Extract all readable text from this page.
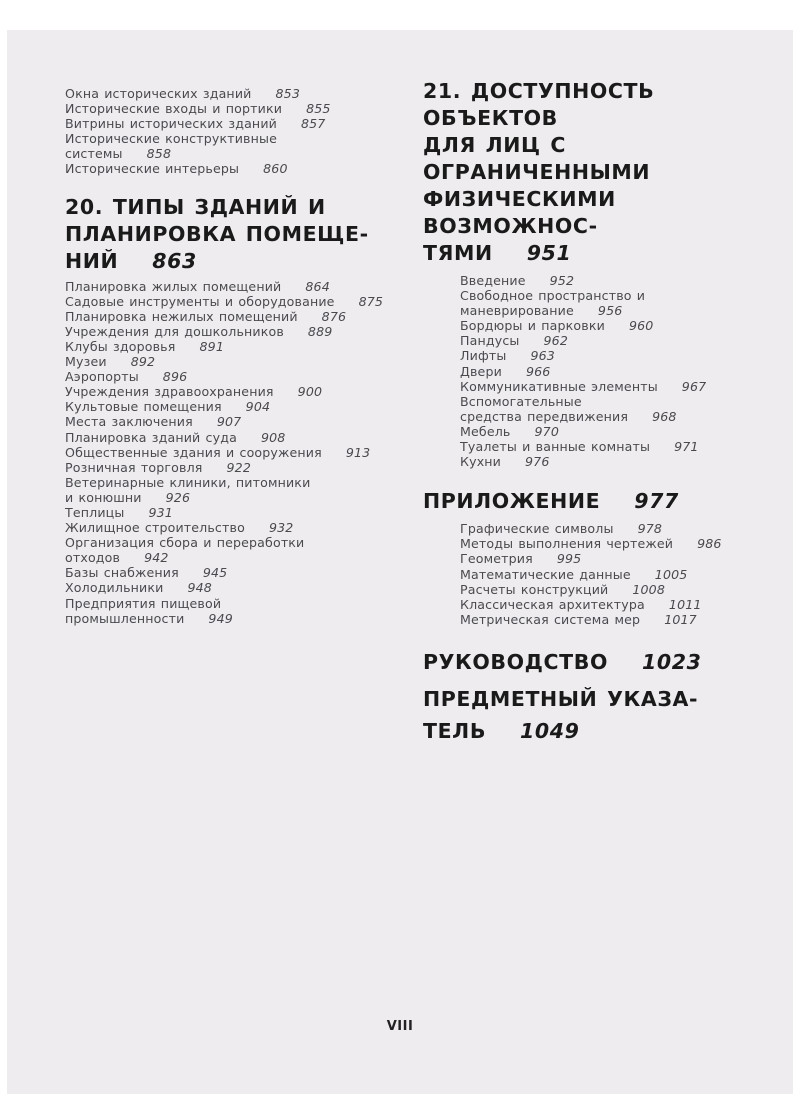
Окна исторических зданий 853
Исторические входы и портики 855
Витрины исторических зданий 857
Исторические конструктивные
системы 858
Исторические интерьеры 860
20. ТИПЫ ЗДАНИЙ И
ПЛАНИРОВКА ПОМЕЩЕ-
НИЙ 863
Планировка жилых помещений 864
Садовые инструменты и оборудование 875
Планировка нежилых помещений 876
Учреждения для дошкольников 889
Клубы здоровья 891
Музеи 892
Аэропорты 896
Учреждения здравоохранения 900
Культовые помещения 904
Места заключения 907
Планировка зданий суда 908
Общественные здания и сооружения 913
Розничная торговля 922
Ветеринарные клиники, питомники
и конюшни 926
Теплицы 931
Жилищное строительство 932
Организация сбора и переработки
отходов 942
Базы снабжения 945
Холодильники 948
Предприятия пищевой
промышленности 949
21. ДОСТУПНОСТЬ ОБЪЕКТОВ
ДЛЯ ЛИЦ С ОГРАНИЧЕННЫМИ
ФИЗИЧЕСКИМИ ВОЗМОЖНОС-
ТЯМИ 951
Введение 952
Свободное пространство и
маневрирование 956
Бордюры и парковки 960
Пандусы 962
Лифты 963
Двери 966
Коммуникативные элементы 967
Вспомогательные
средства передвижения 968
Мебель 970
Туалеты и ванные комнаты 971
Кухни 976
ПРИЛОЖЕНИЕ 977
Графические символы 978
Методы выполнения чертежей 986
Геометрия 995
Математические данные 1005
Расчеты конструкций 1008
Классическая архитектура 1011
Метрическая система мер 1017
РУКОВОДСТВО 1023
ПРЕДМЕТНЫЙ УКАЗА-
ТЕЛЬ 1049
VIII
